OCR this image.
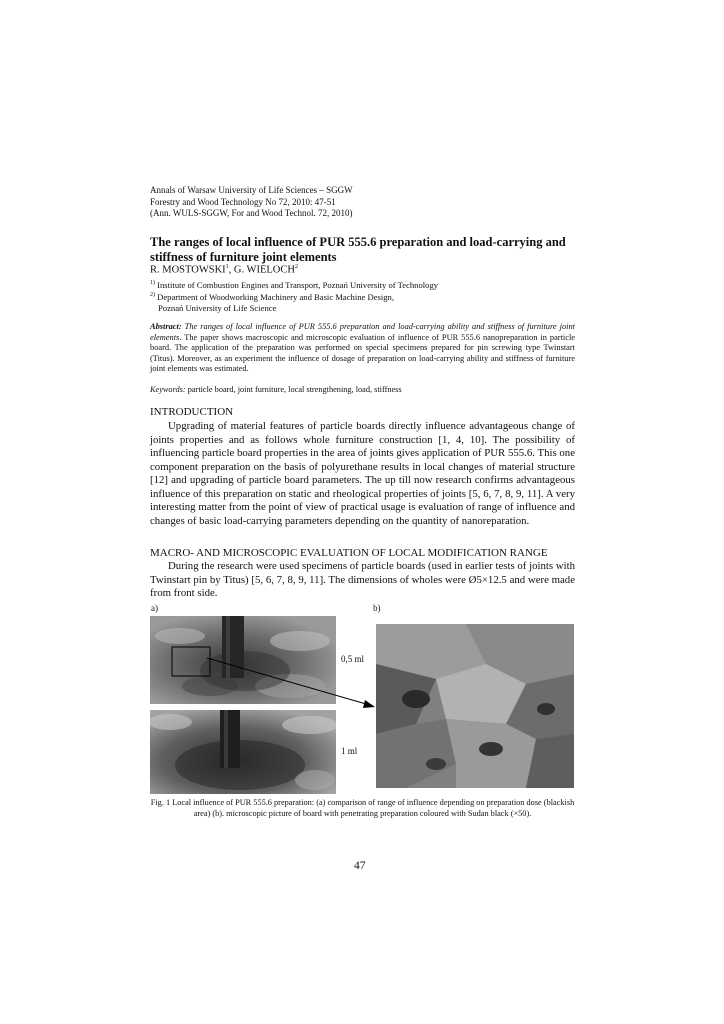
Annals of Warsaw University of Life Sciences – SGGW
Forestry and Wood Technology No 72, 2010: 47-51
(Ann. WULS-SGGW, For and Wood Technol. 72, 2010)
The ranges of local influence of PUR 555.6 preparation and load-carrying and stiffness of furniture joint elements
R. MOSTOWSKI$^1$, G. WIELOCH$^2$
$^{1)}$ Institute of Combustion Engines and Transport, Poznań University of Technology
$^{2)}$ Department of Woodworking Machinery and Basic Machine Design,
Poznań University of Life Science
Abstract: The ranges of local influence of PUR 555.6 preparation and load-carrying ability and stiffness of furniture joint elements. The paper shows macroscopic and microscopic evaluation of influence of PUR 555.6 nanopreparation in particle board. The application of the preparation was performed on special specimens prepared for pin screwing type Twinstart (Titus). Moreover, as an experiment the influence of dosage of preparation on load-carrying ability and stiffness of furniture joint elements was estimated.
Keywords: particle board, joint furniture, local strengthening, load, stiffness
INTRODUCTION
Upgrading of material features of particle boards directly influence advantageous change of joints properties and as follows whole furniture construction [1, 4, 10]. The possibility of influencing particle board properties in the area of joints gives application of PUR 555.6. This one component preparation on the basis of polyurethane results in local changes of material structure [12] and upgrading of particle board parameters. The up till now research confirms advantageous influence of this preparation on static and rheological properties of joints [5, 6, 7, 8, 9, 11]. A very interesting matter from the point of view of practical usage is evaluation of range of influence and changes of basic load-carrying parameters depending on the quantity of nanoreparation.
MACRO- AND MICROSCOPIC EVALUATION OF LOCAL MODIFICATION RANGE
During the research were used specimens of particle boards (used in earlier tests of joints with Twinstart pin by Titus) [5, 6, 7, 8, 9, 11]. The dimensions of wholes were Ø5×12.5 and were made from front side.
a)	b)
0,5 ml
1 ml
Fig. 1 Local influence of PUR 555.6 preparation: (a) comparison of range of influence depending on preparation dose (blackish area) (b). microscopic picture of board with penetrating preparation coloured with Sudan black (×50).
47
